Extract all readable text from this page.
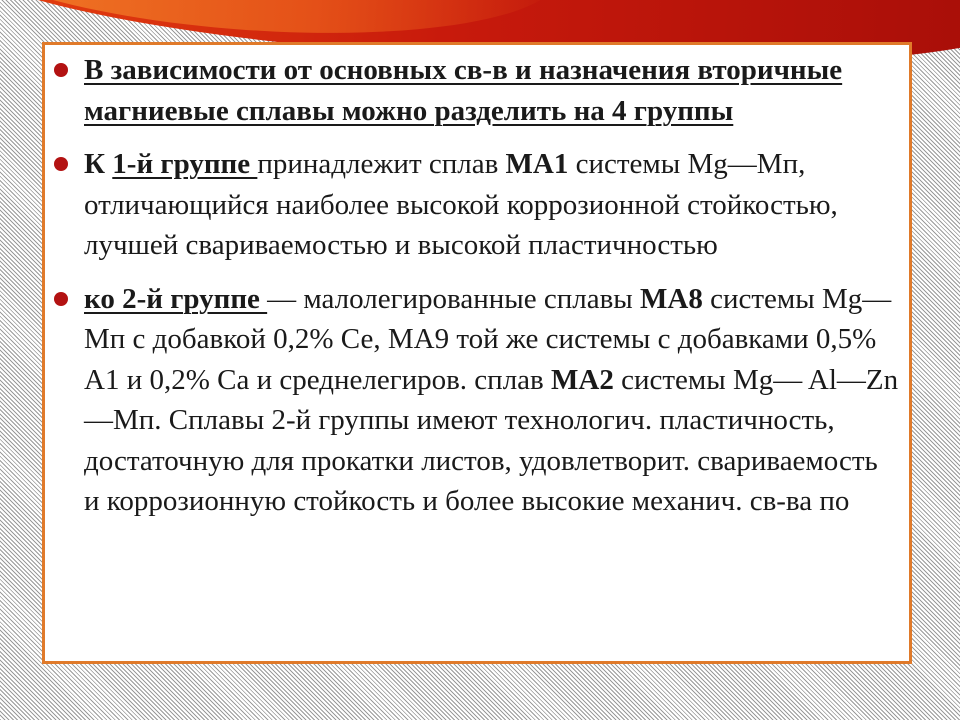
В зависимости от основных св-в и назначения вторичные магниевые сплавы можно разделить на 4 группы
К 1-й группе принадлежит сплав МА1 системы Mg—Мп, отличающийся наиболее высокой коррозионной стойкостью, лучшей свариваемостью и высокой пластичностью
ко 2-й группе — малолегированные сплавы МА8 системы Mg—Мп с добавкой 0,2% Се, МА9 той же системы с добавками 0,5% А1 и 0,2% Са и среднелегиров. сплав МА2 системы Mg— Al—Zn—Мп. Сплавы 2-й группы имеют технологич. пластичность, достаточную для прокатки листов, удовлетворит. свариваемость и коррозионную стойкость и более высокие механич. св-ва по
